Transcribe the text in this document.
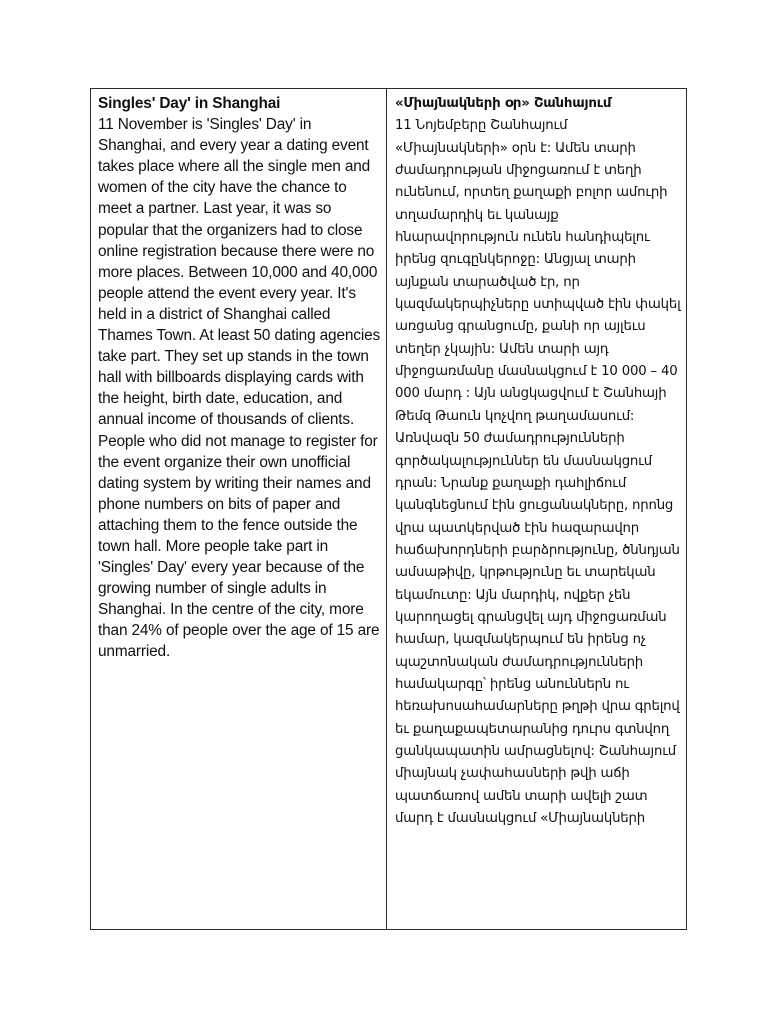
Singles' Day' in Shanghai
11 November is 'Singles' Day' in Shanghai, and every year a dating event takes place where all the single men and women of the city have the chance to meet a partner. Last year, it was so popular that the organizers had to close online registration because there were no more places. Between 10,000 and 40,000 people attend the event every year. It's held in a district of Shanghai called Thames Town. At least 50 dating agencies take part. They set up stands in the town hall with billboards displaying cards with the height, birth date, education, and annual income of thousands of clients. People who did not manage to register for the event organize their own unofficial dating system by writing their names and phone numbers on bits of paper and attaching them to the fence outside the town hall. More people take part in 'Singles' Day' every year because of the growing number of single adults in Shanghai. In the centre of the city, more than 24% of people over the age of 15 are unmarried.
«Միայնակների օր» Շանհայում
11 Նոյեմբերը Շանհայում «Միայնակների» օրն է: Ամեն տարի ժամադրության միջոցառում է տեղի ունենում, որտեղ քաղաքի բոլոր ամուրի տղամարդիկ եւ կանայք հնարավորություն ունեն հանդիպելու իրենց զուգընկերոջը: Անցյալ տարի այնքան տարածված էր, որ կազմակերպիչները ստիպված էին փակել առցանց գրանցումը, քանի որ այլեւս տեղեր չկային: Ամեն տարի այդ միջոցառմանը մասնակցում է 10 000 – 40 000 մարդ : Այն անցկացվում է Շանհայի Թեմզ Թաուն կոչվող թաղամասում: Առնվազն 50 ժամադրությունների գործակալություններ են մասնակցում դրան: Նրանք քաղաքի դահլիճում կանգնեցնում էին ցուցանակները, որոնց վրա պատկերված էին հազարավոր հաճախորդների բարձրությունը, ծննդյան ամսաթիվը, կրթությունը եւ տարեկան եկամուտը: Այն մարդիկ, ովքեր չեն կարողացել գրանցվել այդ միջոցառման համար, կազմակերպում են իրենց ոչ պաշտոնական ժամադրությունների համակարգը՝ իրենց անուններն ու հեռախոսահամարները թղթի վրա գրելով եւ քաղաքապետարանից դուրս գտնվող ցանկապատին ամրացնելով: Շանհայում միայնակ չափահասների թվի աճի պատճառով ամեն տարի ավելի շատ մարդ է մասնակցում «Միայնակների
